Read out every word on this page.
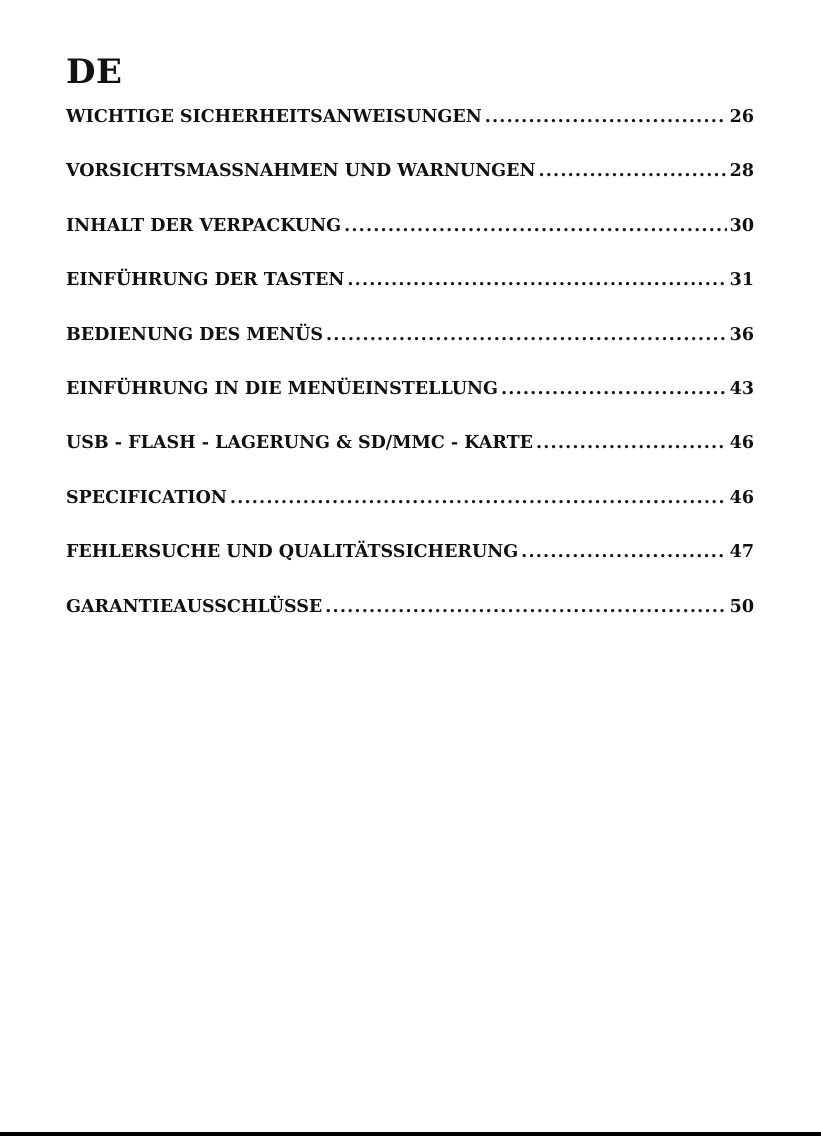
DE
WICHTIGE SICHERHEITSANWEISUNGEN .....	26
VORSICHTSMASSNAHMEN UND WARNUNGEN .....	28
INHALT DER VERPACKUNG .....	30
EINFÜHRUNG DER TASTEN .....	31
BEDIENUNG DES MENÜS .....	36
EINFÜHRUNG IN DIE MENÜEINSTELLUNG .....	43
USB - FLASH - LAGERUNG & SD/MMC - KARTE .....	46
SPECIFICATION .....	46
FEHLERSUCHE UND QUALITÄTSSICHERUNG .....	47
GARANTIEAUSSCHLÜSSE .....	50
